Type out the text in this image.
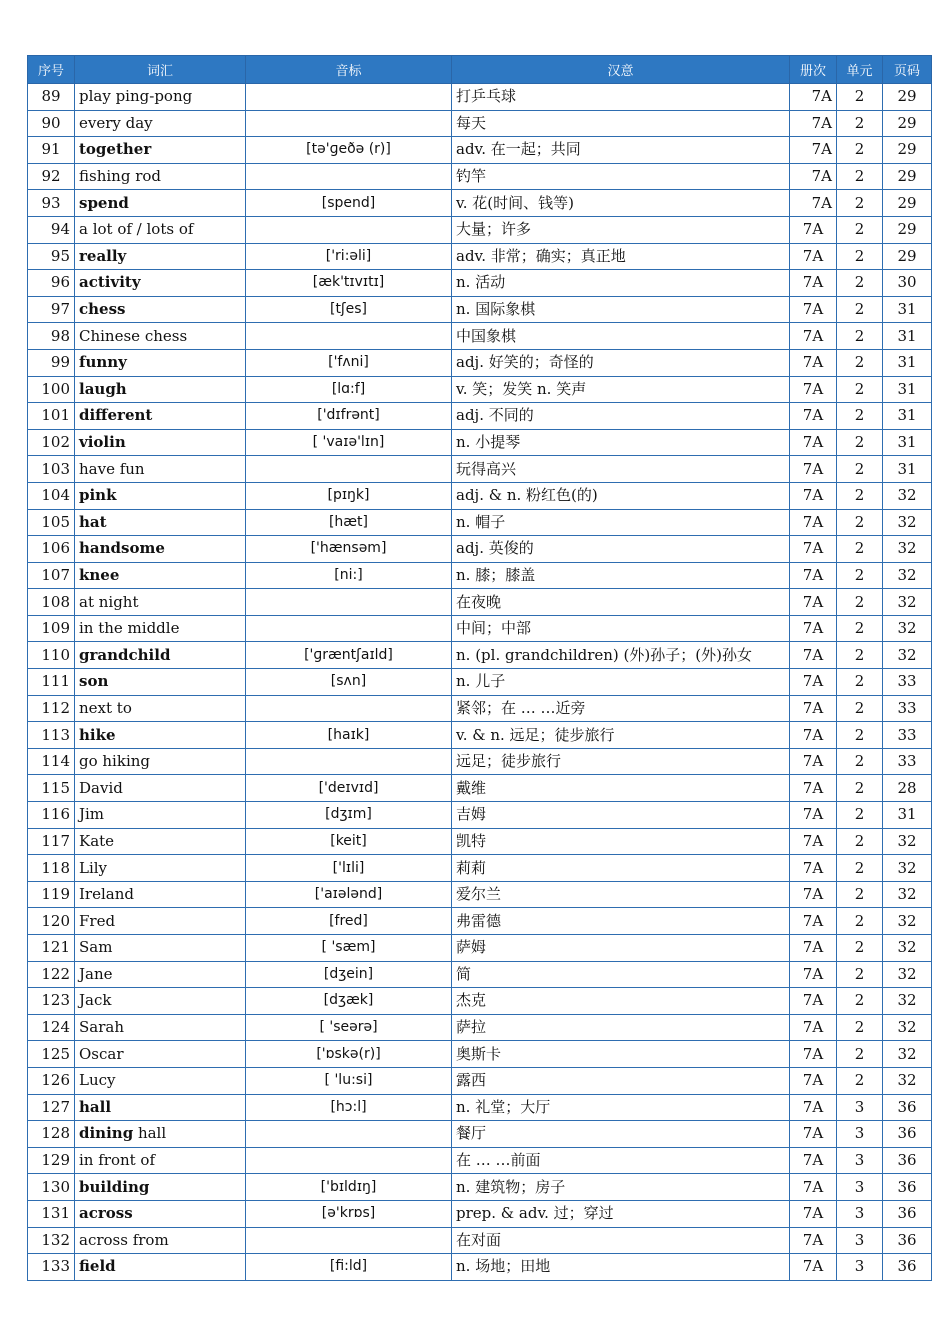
序号	词汇	音标	汉意	册次	单元	页码
89	play ping-pong		打乒乓球	7A	2	29
90	every day		每天	7A	2	29
91	together	[tə'ɡeðə (r)]	adv. 在一起；共同	7A	2	29
92	fishing rod		钓竿	7A	2	29
93	spend	[spend]	v. 花(时间、钱等)	7A	2	29
94	a lot of / lots of		大量；许多	7A	2	29
95	really	['ri:əli]	adv. 非常；确实；真正地	7A	2	29
96	activity	[æk'tɪvɪtɪ]	n. 活动	7A	2	30
97	chess	[tʃes]	n. 国际象棋	7A	2	31
98	Chinese chess		中国象棋	7A	2	31
99	funny	['fʌni]	adj. 好笑的；奇怪的	7A	2	31
100	laugh	[lɑ:f]	v. 笑；发笑 n. 笑声	7A	2	31
101	different	['dɪfrənt]	adj. 不同的	7A	2	31
102	violin	[ 'vaɪə'lɪn]	n. 小提琴	7A	2	31
103	have fun		玩得高兴	7A	2	31
104	pink	[pɪŋk]	adj. & n. 粉红色(的)	7A	2	32
105	hat	[hæt]	n. 帽子	7A	2	32
106	handsome	['hænsəm]	adj. 英俊的	7A	2	32
107	knee	[ni:]	n. 膝；膝盖	7A	2	32
108	at night		在夜晚	7A	2	32
109	in the middle		中间；中部	7A	2	32
110	grandchild	['ɡræntʃaɪld]	n. (pl. grandchildren) (外)孙子；(外)孙女	7A	2	32
111	son	[sʌn]	n. 儿子	7A	2	33
112	next to		紧邻；在 … …近旁	7A	2	33
113	hike	[haɪk]	v. & n. 远足；徒步旅行	7A	2	33
114	go hiking		远足；徒步旅行	7A	2	33
115	David	['deɪvɪd]	戴维	7A	2	28
116	Jim	[dʒɪm]	吉姆	7A	2	31
117	Kate	[keit]	凯特	7A	2	32
118	Lily	['lɪli]	莉莉	7A	2	32
119	Ireland	['aɪələnd]	爱尔兰	7A	2	32
120	Fred	[fred]	弗雷德	7A	2	32
121	Sam	[ 'sæm]	萨姆	7A	2	32
122	Jane	[dʒein]	简	7A	2	32
123	Jack	[dʒæk]	杰克	7A	2	32
124	Sarah	[ 'seərə]	萨拉	7A	2	32
125	Oscar	['ɒskə(r)]	奥斯卡	7A	2	32
126	Lucy	[ 'lu:si]	露西	7A	2	32
127	hall	[hɔ:l]	n. 礼堂；大厅	7A	3	36
128	dining hall		餐厅	7A	3	36
129	in front of		在 … …前面	7A	3	36
130	building	['bɪldɪŋ]	n. 建筑物；房子	7A	3	36
131	across	[ə'krɒs]	prep. & adv. 过；穿过	7A	3	36
132	across from		在对面	7A	3	36
133	field	[fi:ld]	n. 场地；田地	7A	3	36
